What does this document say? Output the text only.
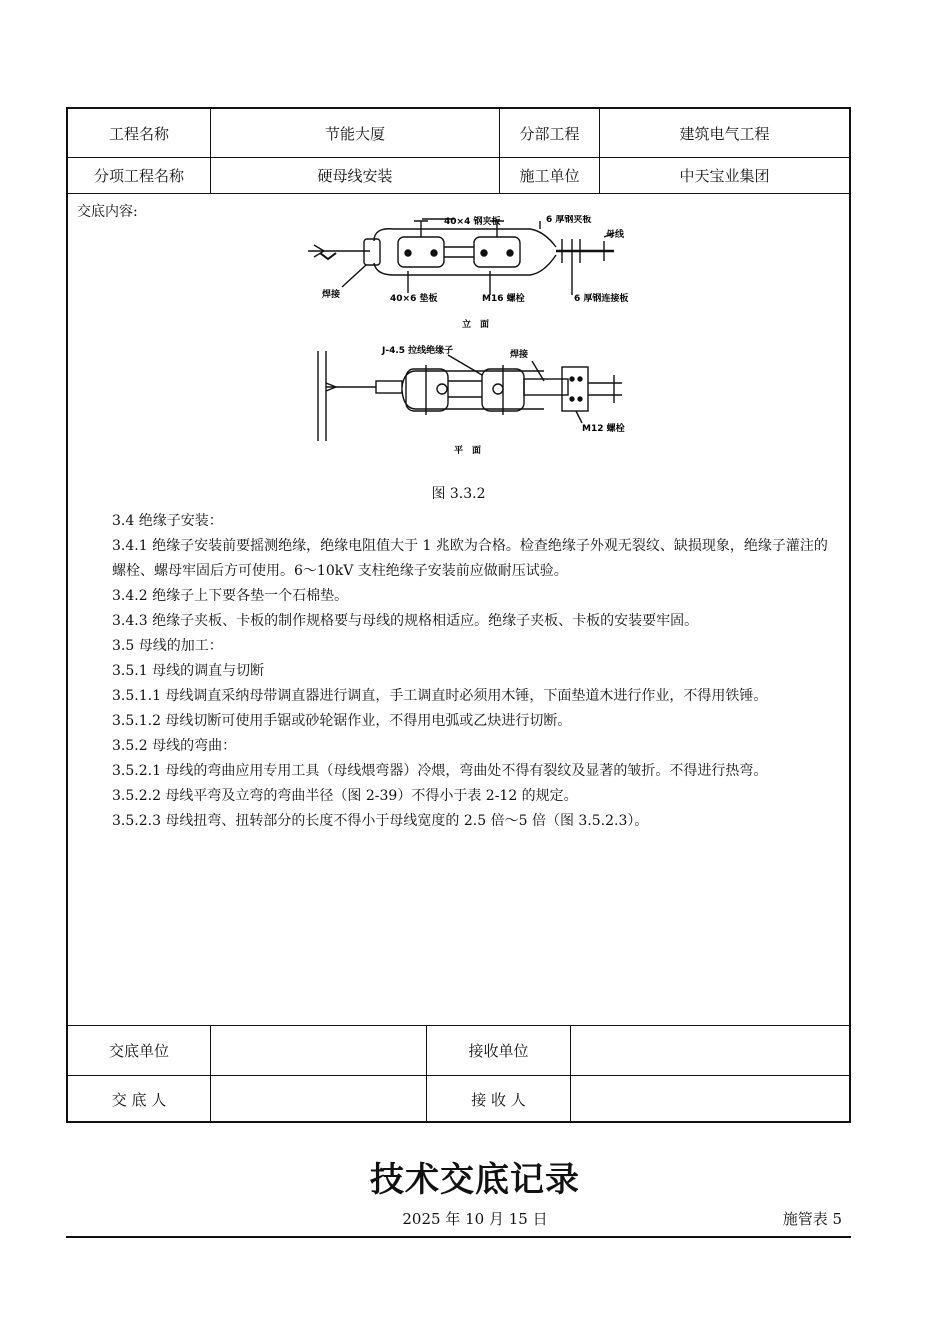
工程名称	节能大厦	分部工程	建筑电气工程
分项工程名称	硬母线安装	施工单位	中天宝业集团
交底内容:
40×4 钢夹板	6 厚钢夹板
母线
焊接	40×6 垫板	M16 螺栓	6 厚钢连接板
立　面
J-4.5 拉线绝缘子	焊接
M12 螺栓
平　面
图 3.3.2

3.4 绝缘子安装：

3.4.1 绝缘子安装前要摇测绝缘，绝缘电阻值大于 1 兆欧为合格。检查绝缘子外观无裂纹、缺损现象，绝缘子灌注的螺栓、螺母牢固后方可使用。6～10kV 支柱绝缘子安装前应做耐压试验。

3.4.2 绝缘子上下要各垫一个石棉垫。

3.4.3 绝缘子夹板、卡板的制作规格要与母线的规格相适应。绝缘子夹板、卡板的安装要牢固。

3.5 母线的加工：

3.5.1 母线的调直与切断

3.5.1.1 母线调直采纳母带调直器进行调直，手工调直时必须用木锤，下面垫道木进行作业，不得用铁锤。

3.5.1.2 母线切断可使用手锯或砂轮锯作业，不得用电弧或乙炔进行切断。

3.5.2 母线的弯曲：

3.5.2.1 母线的弯曲应用专用工具（母线煨弯器）冷煨，弯曲处不得有裂纹及显著的皱折。不得进行热弯。

3.5.2.2 母线平弯及立弯的弯曲半径（图 2-39）不得小于表 2-12 的规定。

3.5.2.3 母线扭弯、扭转部分的长度不得小于母线宽度的 2.5 倍～5 倍（图 3.5.2.3）。

交底单位	接收单位
交 底 人	接 收 人
技术交底记录
2025 年 10 月 15 日	施管表 5
